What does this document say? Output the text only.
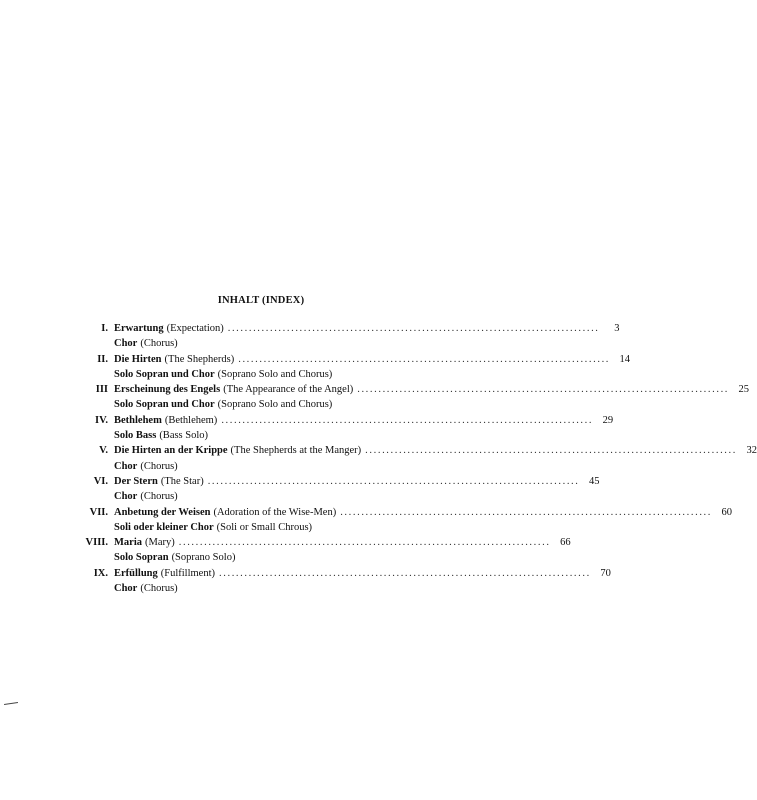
INHALT (INDEX)
I. Erwartung (Expectation) ........................................................................................	3
Chor (Chorus)
II. Die Hirten (The Shepherds) ........................................................................................ 14
Solo Sopran und Chor (Soprano Solo and Chorus)
III Erscheinung des Engels (The Appearance of the Angel) ........................................................................................ 25
Solo Sopran und Chor (Soprano Solo and Chorus)
IV. Bethlehem (Bethlehem) ........................................................................................ 29
Solo Bass (Bass Solo)
V. Die Hirten an der Krippe (The Shepherds at the Manger) ........................................................................................ 32
Chor (Chorus)
VI. Der Stern (The Star) ........................................................................................ 45
Chor (Chorus)
VII. Anbetung der Weisen (Adoration of the Wise-Men) ........................................................................................ 60
Soli oder kleiner Chor (Soli or Small Chrous)
VIII. Maria (Mary) ........................................................................................ 66
Solo Sopran (Soprano Solo)
IX. Erfüllung (Fulfillment) ........................................................................................ 70
Chor (Chorus)
